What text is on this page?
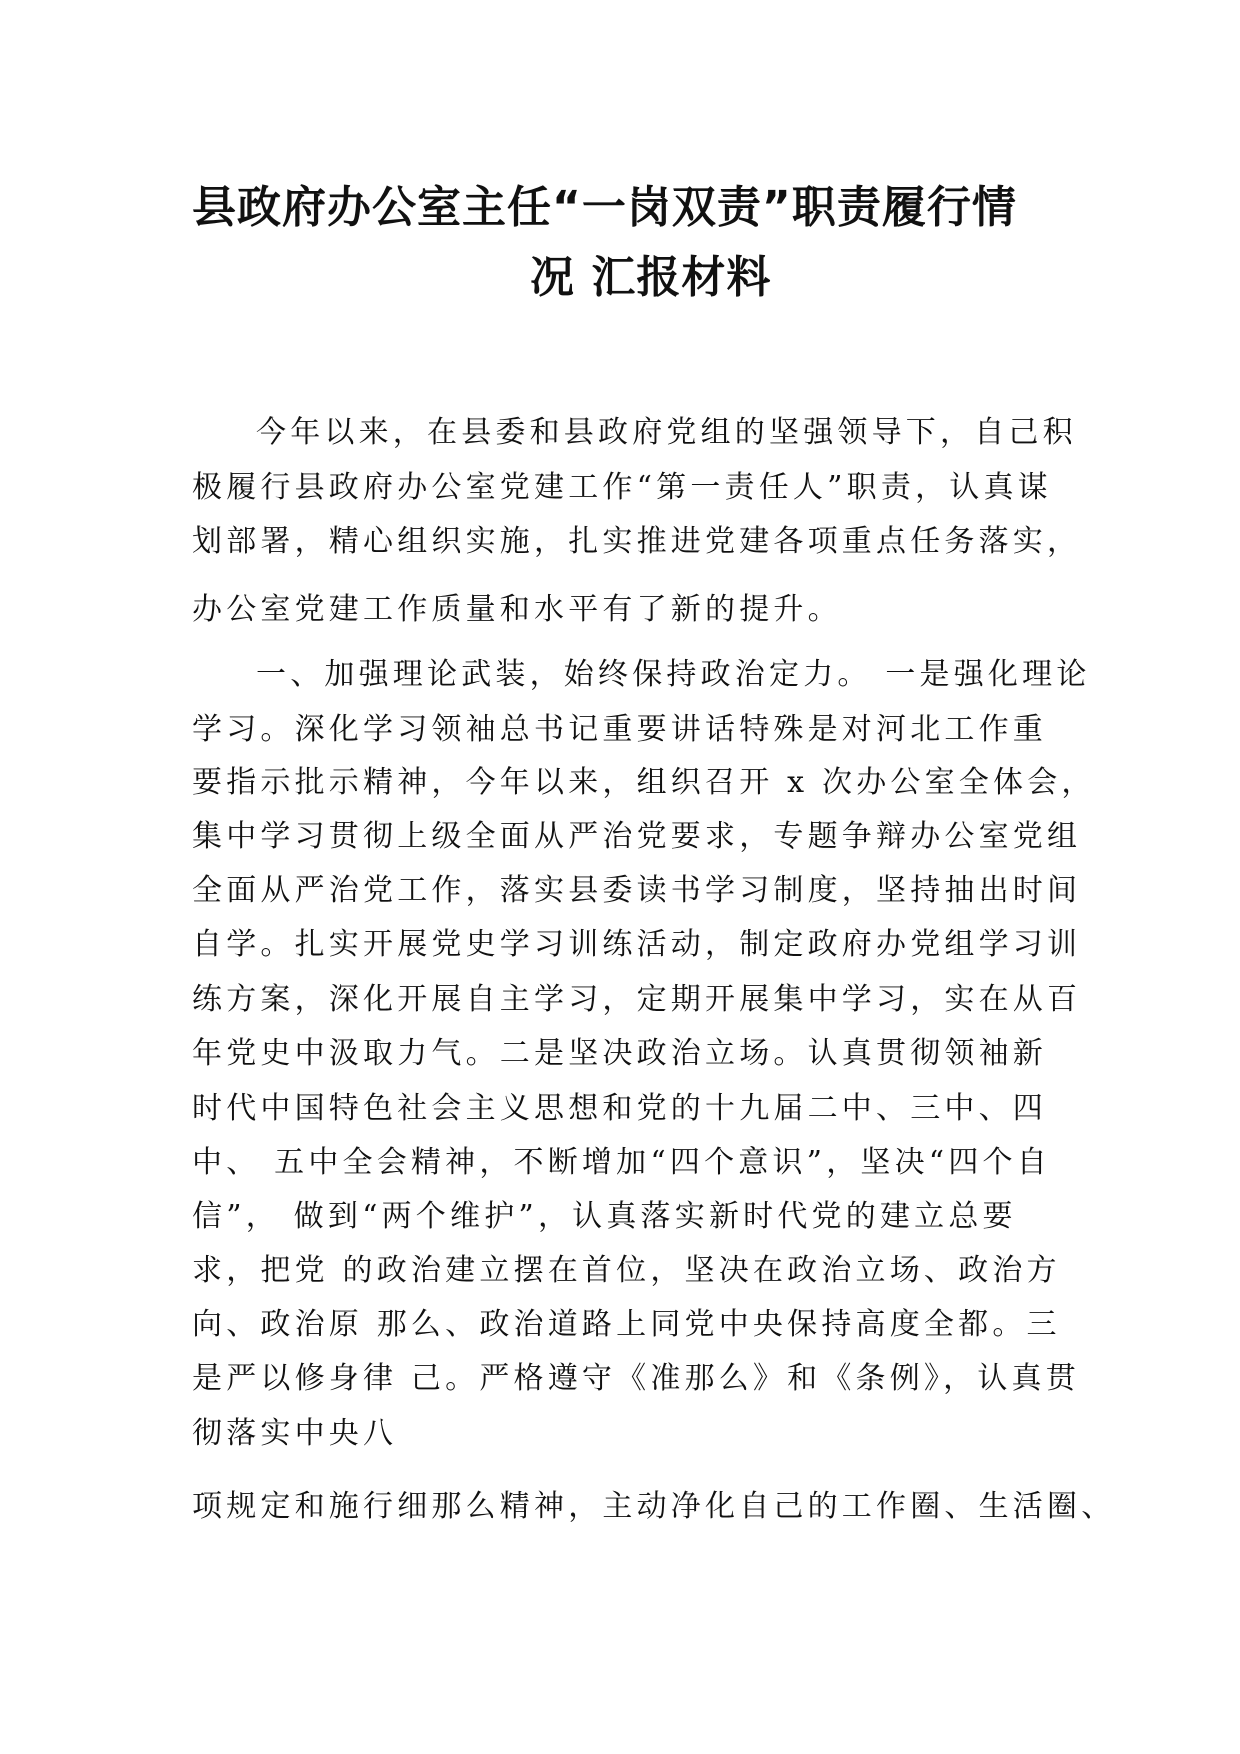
县政府办公室主任“一岗双责”职责履行情
况 汇报材料

今年以来，在县委和县政府党组的坚强领导下，自己积

极履行县政府办公室党建工作“第一责任人”职责，认真谋

划部署，精心组织实施，扎实推进党建各项重点任务落实，

办公室党建工作质量和水平有了新的提升。

一、加强理论武装，始终保持政治定力。 一是强化理论

学习。深化学习领袖总书记重要讲话特殊是对河北工作重

要指示批示精神，今年以来，组织召开 x 次办公室全体会，

集中学习贯彻上级全面从严治党要求，专题争辩办公室党组

全面从严治党工作，落实县委读书学习制度，坚持抽出时间

自学。扎实开展党史学习训练活动，制定政府办党组学习训

练方案，深化开展自主学习，定期开展集中学习，实在从百

年党史中汲取力气。二是坚决政治立场。认真贯彻领袖新

时代中国特色社会主义思想和党的十九届二中、三中、四

中、 五中全会精神，不断增加“四个意识”，坚决“四个自

信”， 做到“两个维护”，认真落实新时代党的建立总要

求，把党 的政治建立摆在首位，坚决在政治立场、政治方

向、政治原 那么、政治道路上同党中央保持高度全都。三

是严以修身律 己。严格遵守《准那么》和《条例》，认真贯

彻落实中央八

项规定和施行细那么精神，主动净化自己的工作圈、生活圈、
